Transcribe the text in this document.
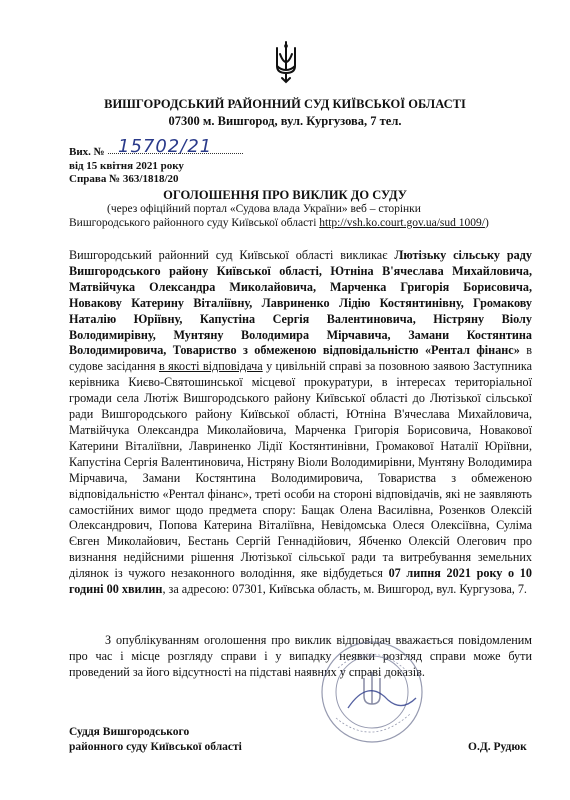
ВИШГОРОДСЬКИЙ РАЙОННИЙ СУД КИЇВСЬКОЇ ОБЛАСТІ
07300 м. Вишгород, вул. Кургузова, 7 тел.
Вих. № 15702/21
від 15 квітня 2021 року
Справа № 363/1818/20
ОГОЛОШЕННЯ ПРО ВИКЛИК ДО СУДУ
(через офіційний портал «Судова влада України» веб – сторінки
Вишгородського районного суду Київської області http://vsh.ko.court.gov.ua/sud 1009/)
Вишгородський районний суд Київської області викликає Лютізьку сільську раду Вишгородського району Київської області, Ютніна В'ячеслава Михайловича, Матвійчука Олександра Миколайовича, Марченка Григорія Борисовича, Новакову Катерину Віталіївну, Лавриненко Лідію Костянтинівну, Громакову Наталію Юріївну, Капустіна Сергія Валентиновича, Ністряну Віолу Володимирівну, Мунтяну Володимира Мірчавича, Замани Костянтина Володимировича, Товариство з обмеженою відповідальністю «Рентал фінанс» в судове засідання в якості відповідача у цивільній справі за позовною заявою Заступника керівника Києво-Святошинської місцевої прокуратури, в інтересах територіальної громади села Лютіж Вишгородського району Київської області до Лютізької сільської ради Вишгородського району Київської області, Ютніна В'ячеслава Михайловича, Матвійчука Олександра Миколайовича, Марченка Григорія Борисовича, Новакової Катерини Віталіївни, Лавриненко Лідії Костянтинівни, Громакової Наталії Юріївни, Капустіна Сергія Валентиновича, Ністряну Віоли Володимирівни, Мунтяну Володимира Мірчавича, Замани Костянтина Володимировича, Товариства з обмеженою відповідальністю «Рентал фінанс», треті особи на стороні відповідачів, які не заявляють самостійних вимог щодо предмета спору: Бащак Олена Василівна, Розенков Олексій Олександрович, Попова Катерина Віталіївна, Невідомська Олеся Олексіївна, Суліма Євген Миколайович, Бестань Сергій Геннадійович, Ябченко Олексій Олегович про визнання недійсними рішення Лютізької сільської ради та витребування земельних ділянок із чужого незаконного володіння, яке відбудеться 07 липня 2021 року о 10 годині 00 хвилин, за адресою: 07301, Київська область, м. Вишгород, вул. Кургузова, 7.
З опублікуванням оголошення про виклик відповідач вважається повідомленим про час і місце розгляду справи і у випадку неявки розгляд справи може бути проведений за його відсутності на підставі наявних у справі доказів.
Суддя Вишгородського
районного суду Київської області	О.Д. Рудюк
